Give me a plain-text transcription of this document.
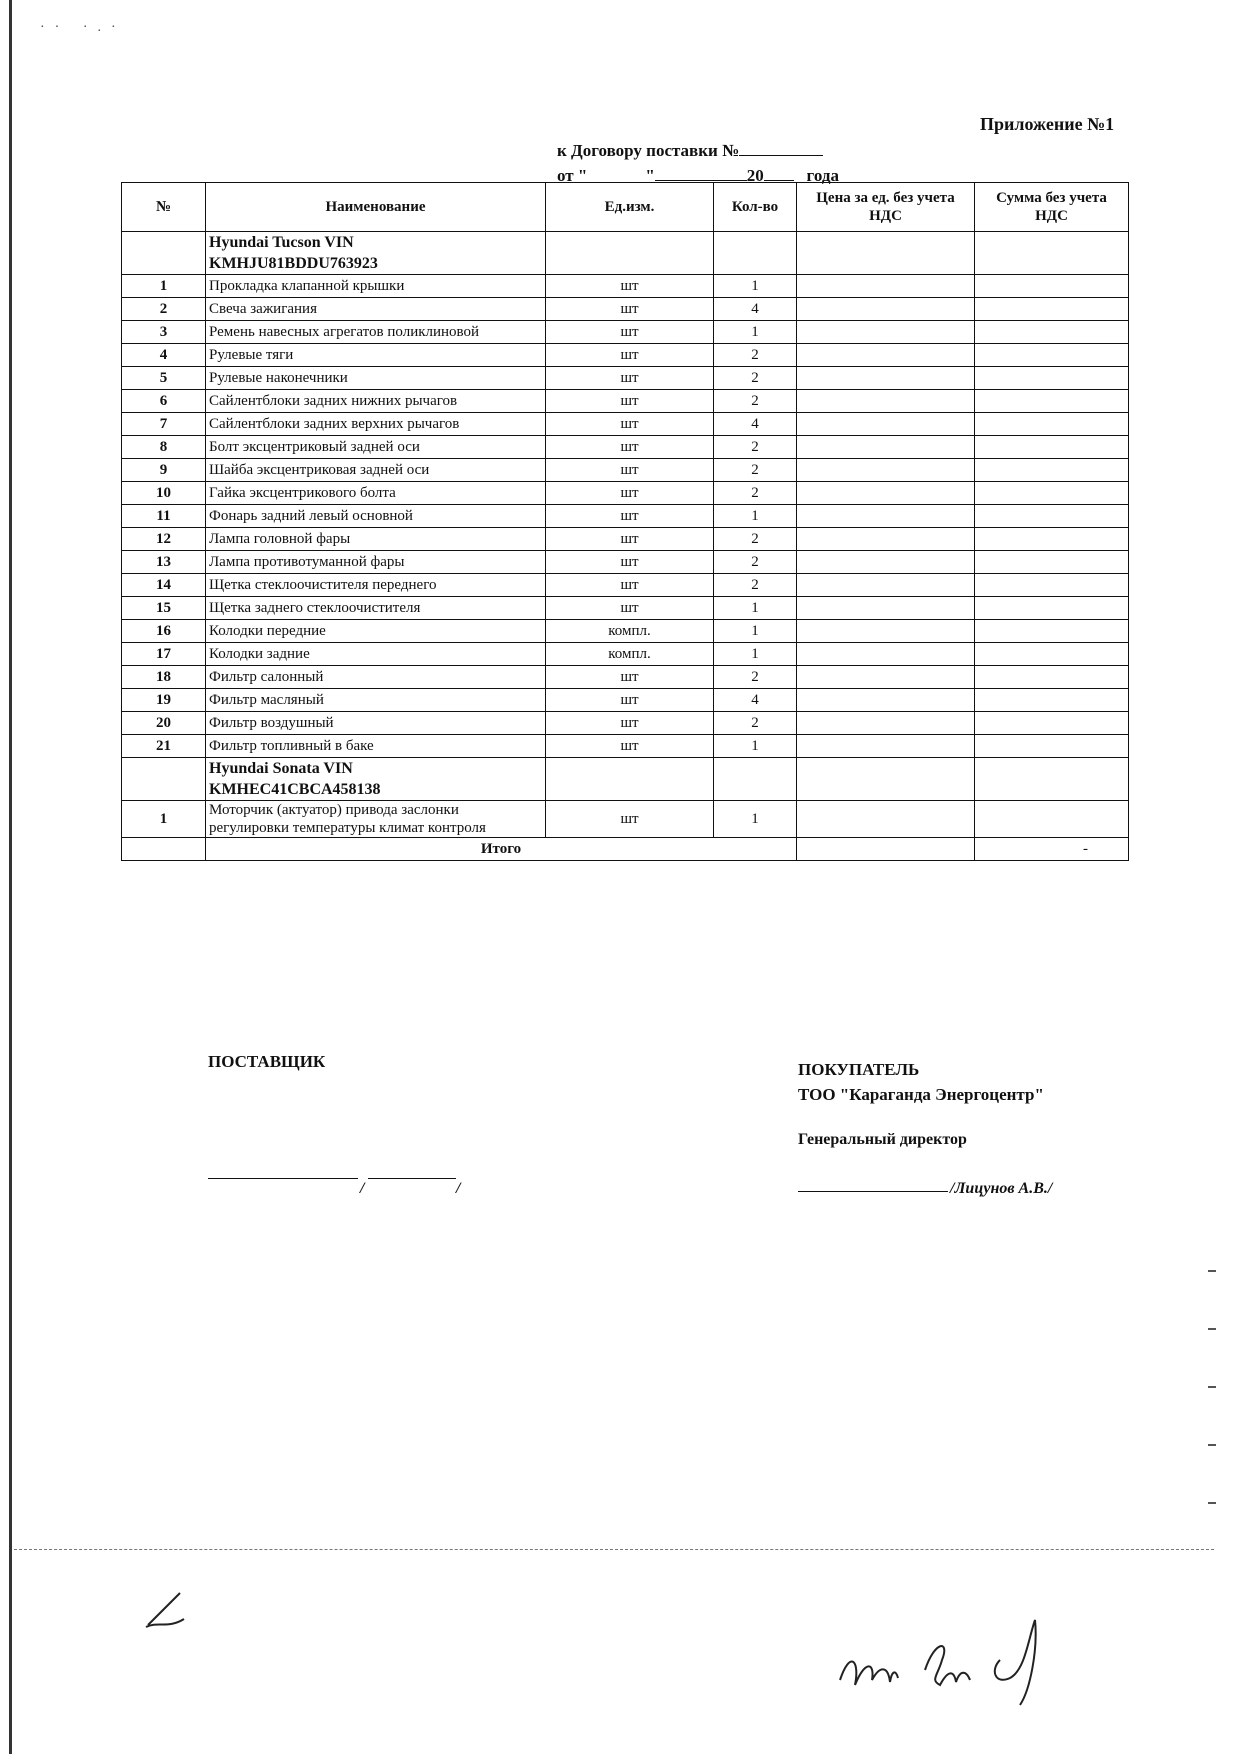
·· ·.·
Приложение №1
к Договору поставки №
от "	"	20	года
№	Наименование	Ед.изм.	Кол-во	Цена за ед. без учета НДС	Сумма без учета НДС

	Hyundai Tucson VIN
KMHJU81BDDU763923				

1	Прокладка клапанной крышки	шт	1		
2	Свеча зажигания	шт	4		
3	Ремень навесных агрегатов поликлиновой	шт	1		
4	Рулевые тяги	шт	2		
5	Рулевые наконечники	шт	2		
6	Сайлентблоки задних нижних рычагов	шт	2		
7	Сайлентблоки задних верхних рычагов	шт	4		
8	Болт эксцентриковый задней оси	шт	2		
9	Шайба эксцентриковая задней оси	шт	2		
10	Гайка эксцентрикового болта	шт	2		
11	Фонарь задний левый основной	шт	1		
12	Лампа головной фары	шт	2		
13	Лампа противотуманной фары	шт	2		
14	Щетка стеклоочистителя переднего	шт	2		
15	Щетка заднего стеклоочистителя	шт	1		
16	Колодки передние	компл.	1		
17	Колодки задние	компл.	1		
18	Фильтр салонный	шт	2		
19	Фильтр масляный	шт	4		
20	Фильтр воздушный	шт	2		
21	Фильтр топливный в баке	шт	1		

	Hyundai Sonata VIN
KMHEC41CBCA458138				

1	Моторчик (актуатор) привода заслонки
регулировки температуры климат контроля	шт	1		
	Итого				-
ПОСТАВЩИК
/	/
ПОКУПАТЕЛЬ
ТОО "Караганда Энергоцентр"
Генеральный директор
/Лицунов А.В./
